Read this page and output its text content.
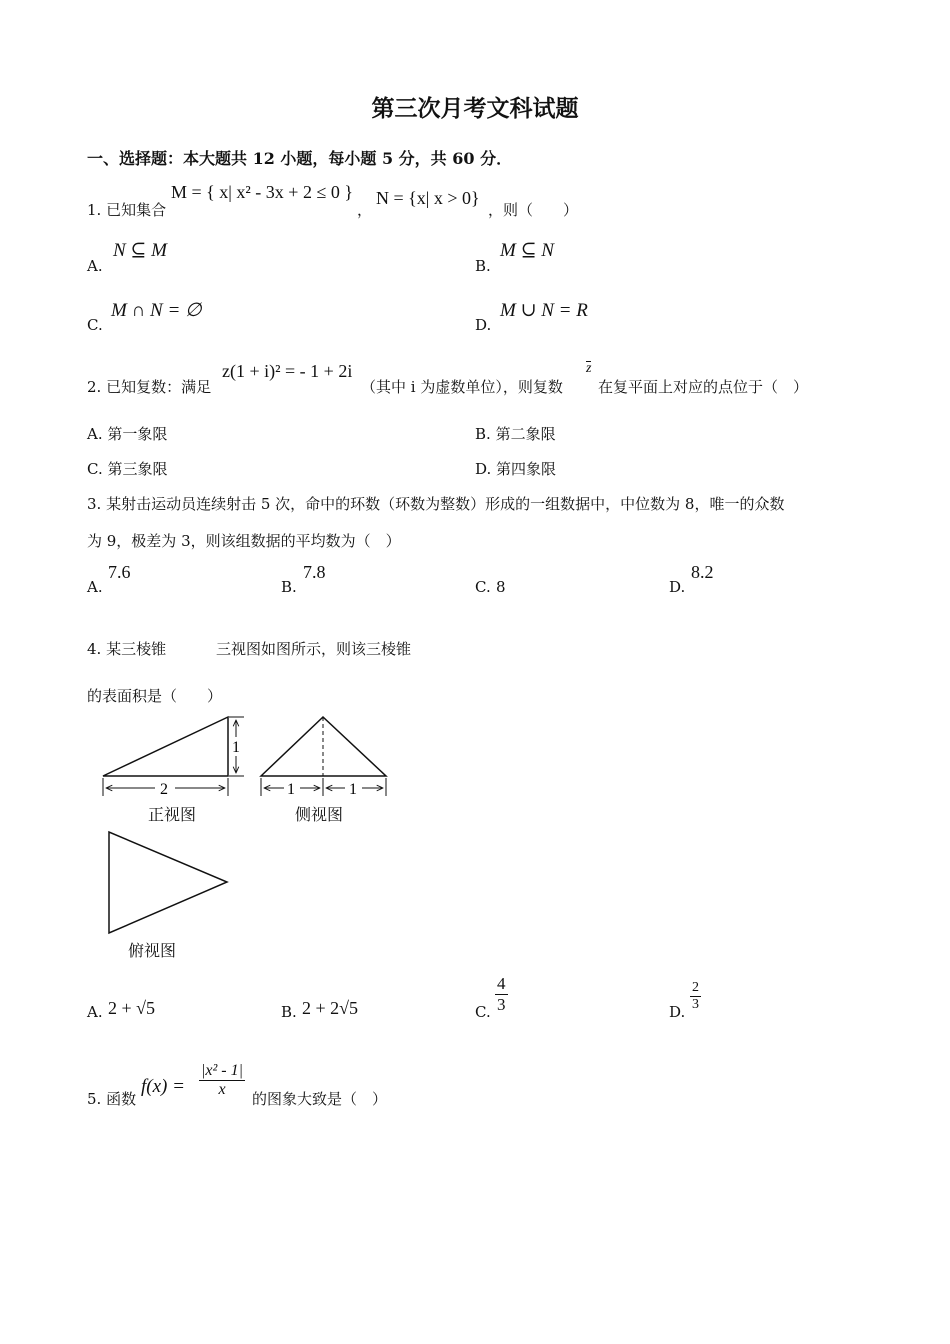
第三次月考文科试题
一、选择题：本大题共 12 小题，每小题 5 分，共 60 分．
1. 已知集合
M = { x| x² - 3x + 2 ≤ 0 }
，
N = {x| x > 0}
，则（　　）
A.
N ⊆ M
B.
M ⊆ N
C.
M ∩ N = ∅
D.
M ∪ N = R
2. 已知复数：满足
z(1 + i)² = - 1 + 2i
（其中 i 为虚数单位），则复数
z
在复平面上对应的点位于（　）
A. 第一象限	B. 第二象限
C. 第三象限	D. 第四象限
3. 某射击运动员连续射击 5 次，命中的环数（环数为整数）形成的一组数据中，中位数为 8，唯一的众数
为 9，极差为 3，则该组数据的平均数为（　）
A.
7.6
B.
7.8
C. 8	D.
8.2
4. 某三棱锥	三视图如图所示，则该三棱锥
的表面积是（　　）
1
2	1	1
正视图	侧视图
俯视图
A. 2 + √5	B. 2 + 2√5	C. $\frac{4}{3}$	D. $\frac{2}{3}$
5. 函数
$f(x) = \frac{\text{|x² - 1|}}{x}$ 的图象大致是（　）
